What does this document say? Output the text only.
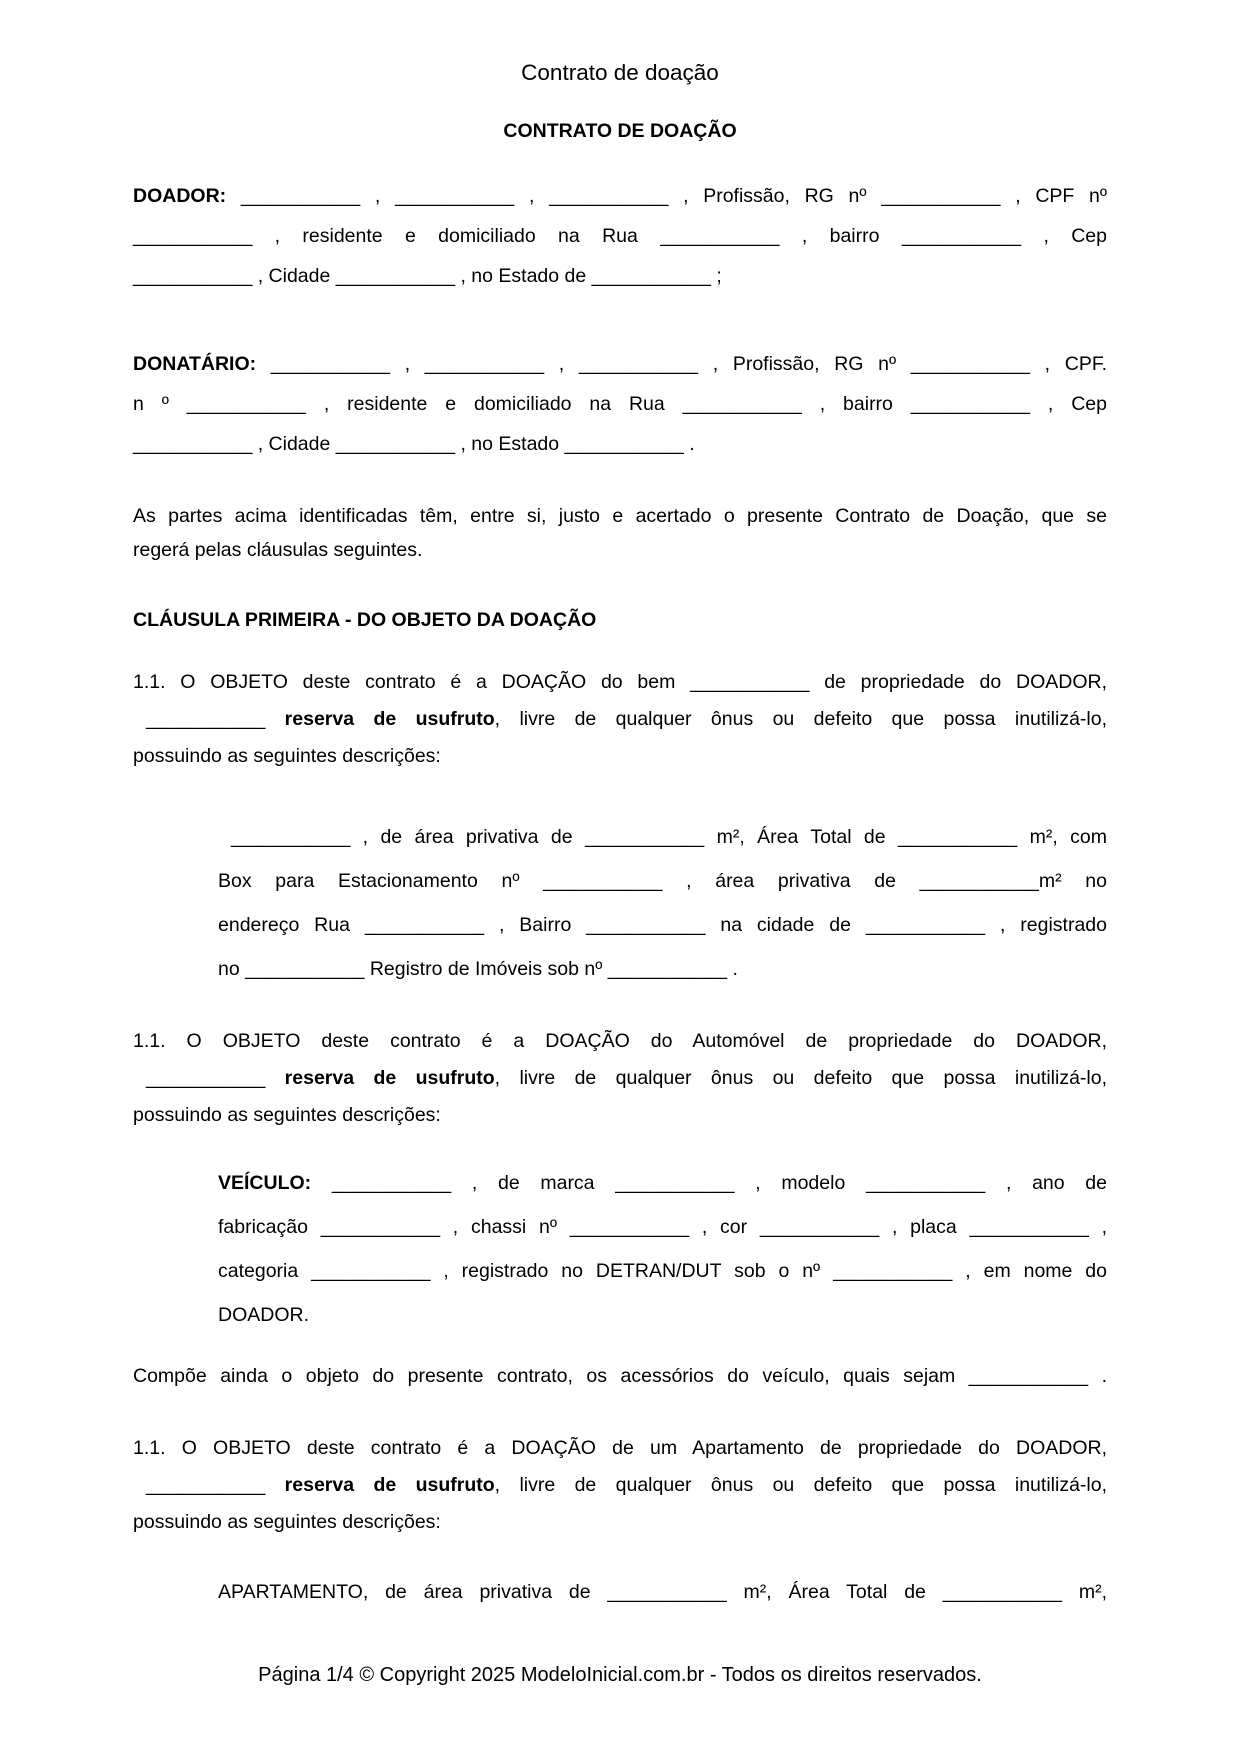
Contrato de doação
CONTRATO DE DOAÇÃO
DOADOR: ___________ , ___________ , ___________ , Profissão, RG nº ___________ , CPF nº
___________ , residente e domiciliado na Rua ___________ , bairro ___________ , Cep
___________ , Cidade ___________ , no Estado de ___________ ;
DONATÁRIO: ___________ , ___________ , ___________ , Profissão, RG nº ___________ , CPF.
n º ___________ , residente e domiciliado na Rua ___________ , bairro ___________ , Cep
___________ , Cidade ___________ , no Estado ___________ .
As partes acima identificadas têm, entre si, justo e acertado o presente Contrato de Doação, que se
regerá pelas cláusulas seguintes.
CLÁUSULA PRIMEIRA - DO OBJETO DA DOAÇÃO
1.1. O OBJETO deste contrato é a DOAÇÃO do bem ___________ de propriedade do DOADOR,
___________ reserva de usufruto, livre de qualquer ônus ou defeito que possa inutilizá-lo,
possuindo as seguintes descrições:
___________ , de área privativa de ___________ m², Área Total de ___________ m², com
Box para Estacionamento nº ___________ , área privativa de ___________m² no
endereço Rua ___________ , Bairro ___________ na cidade de ___________ , registrado
no ___________ Registro de Imóveis sob nº ___________ .
1.1. O OBJETO deste contrato é a DOAÇÃO do Automóvel de propriedade do DOADOR,
___________ reserva de usufruto, livre de qualquer ônus ou defeito que possa inutilizá-lo,
possuindo as seguintes descrições:
VEÍCULO: ___________ , de marca ___________ , modelo ___________ , ano de
fabricação ___________ , chassi nº ___________ , cor ___________ , placa ___________ ,
categoria ___________ , registrado no DETRAN/DUT sob o nº ___________ , em nome do
DOADOR.
Compõe ainda o objeto do presente contrato, os acessórios do veículo, quais sejam ___________ .
1.1. O OBJETO deste contrato é a DOAÇÃO de um Apartamento de propriedade do DOADOR,
___________ reserva de usufruto, livre de qualquer ônus ou defeito que possa inutilizá-lo,
possuindo as seguintes descrições:
APARTAMENTO, de área privativa de ___________ m², Área Total de ___________ m²,
Página 1/4 © Copyright 2025 ModeloInicial.com.br - Todos os direitos reservados.
